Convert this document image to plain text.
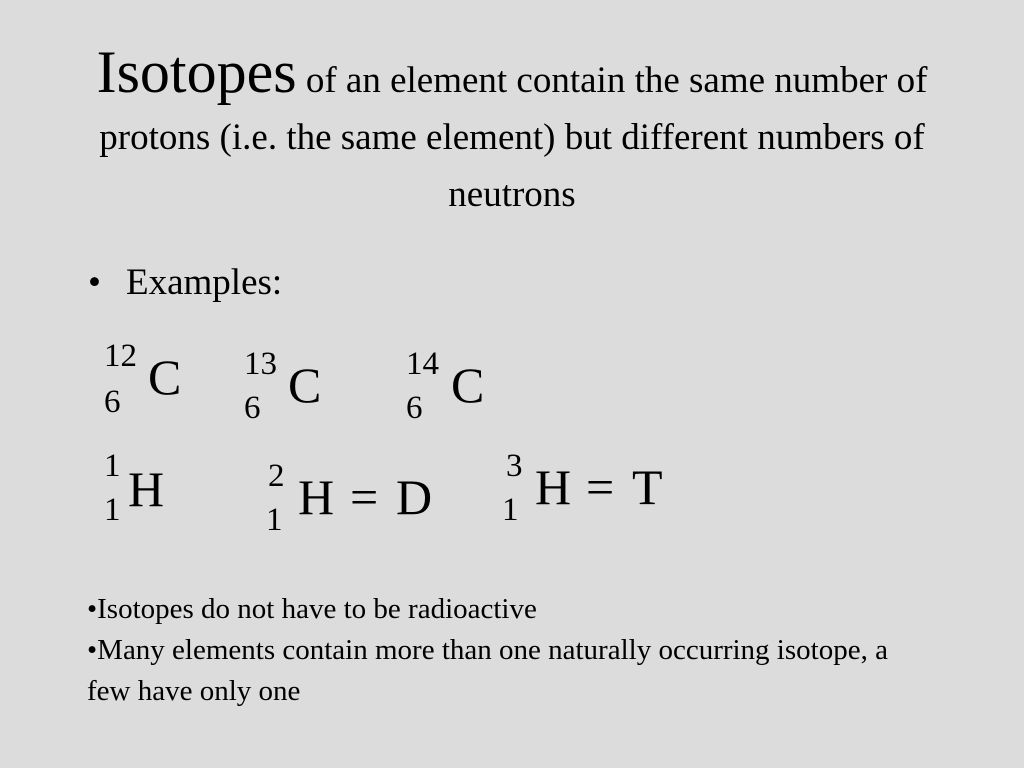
Isotopes of an element contain the same number of protons (i.e. the same element) but different numbers of neutrons
• Examples:
12
6 C 13
6 C	14
6 C
1
1 H	2
1 H = D
3
1 H = T

•Isotopes do not have to be radioactive

•Many elements contain more than one naturally occurring isotope, a few have only one
